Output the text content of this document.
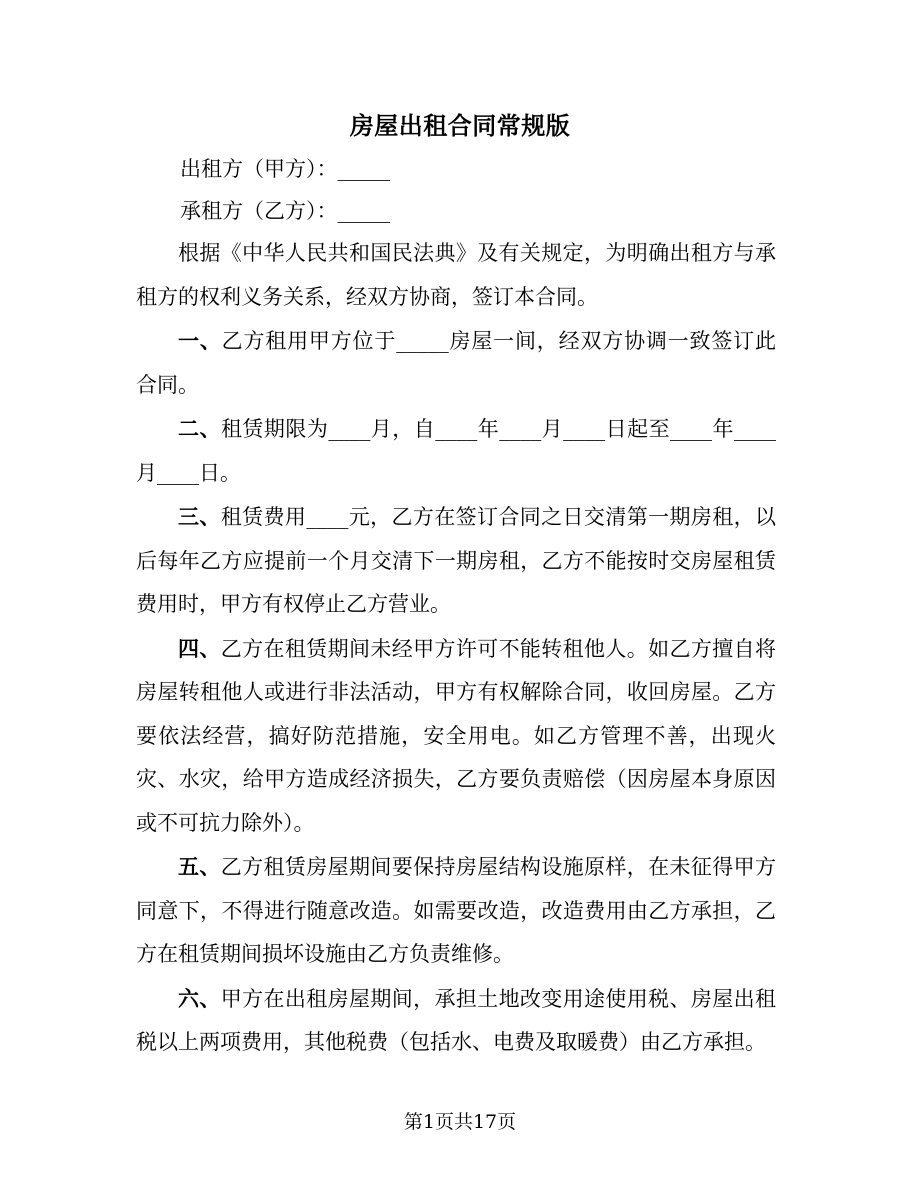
房屋出租合同常规版
出租方（甲方）：_____
承租方（乙方）：_____

根据《中华人民共和国民法典》及有关规定，为明确出租方与承租方的权利义务关系，经双方协商，签订本合同。

一、乙方租用甲方位于_____房屋一间，经双方协调一致签订此合同。

二、租赁期限为____月，自____年____月____日起至____年____月____日。

三、租赁费用____元，乙方在签订合同之日交清第一期房租，以后每年乙方应提前一个月交清下一期房租，乙方不能按时交房屋租赁费用时，甲方有权停止乙方营业。

四、乙方在租赁期间未经甲方许可不能转租他人。如乙方擅自将房屋转租他人或进行非法活动，甲方有权解除合同，收回房屋。乙方要依法经营，搞好防范措施，安全用电。如乙方管理不善，出现火灾、水灾，给甲方造成经济损失，乙方要负责赔偿（因房屋本身原因或不可抗力除外）。

五、乙方租赁房屋期间要保持房屋结构设施原样，在未征得甲方同意下，不得进行随意改造。如需要改造，改造费用由乙方承担，乙方在租赁期间损坏设施由乙方负责维修。

六、甲方在出租房屋期间，承担土地改变用途使用税、房屋出租税以上两项费用，其他税费（包括水、电费及取暖费）由乙方承担。

第1页共17页
